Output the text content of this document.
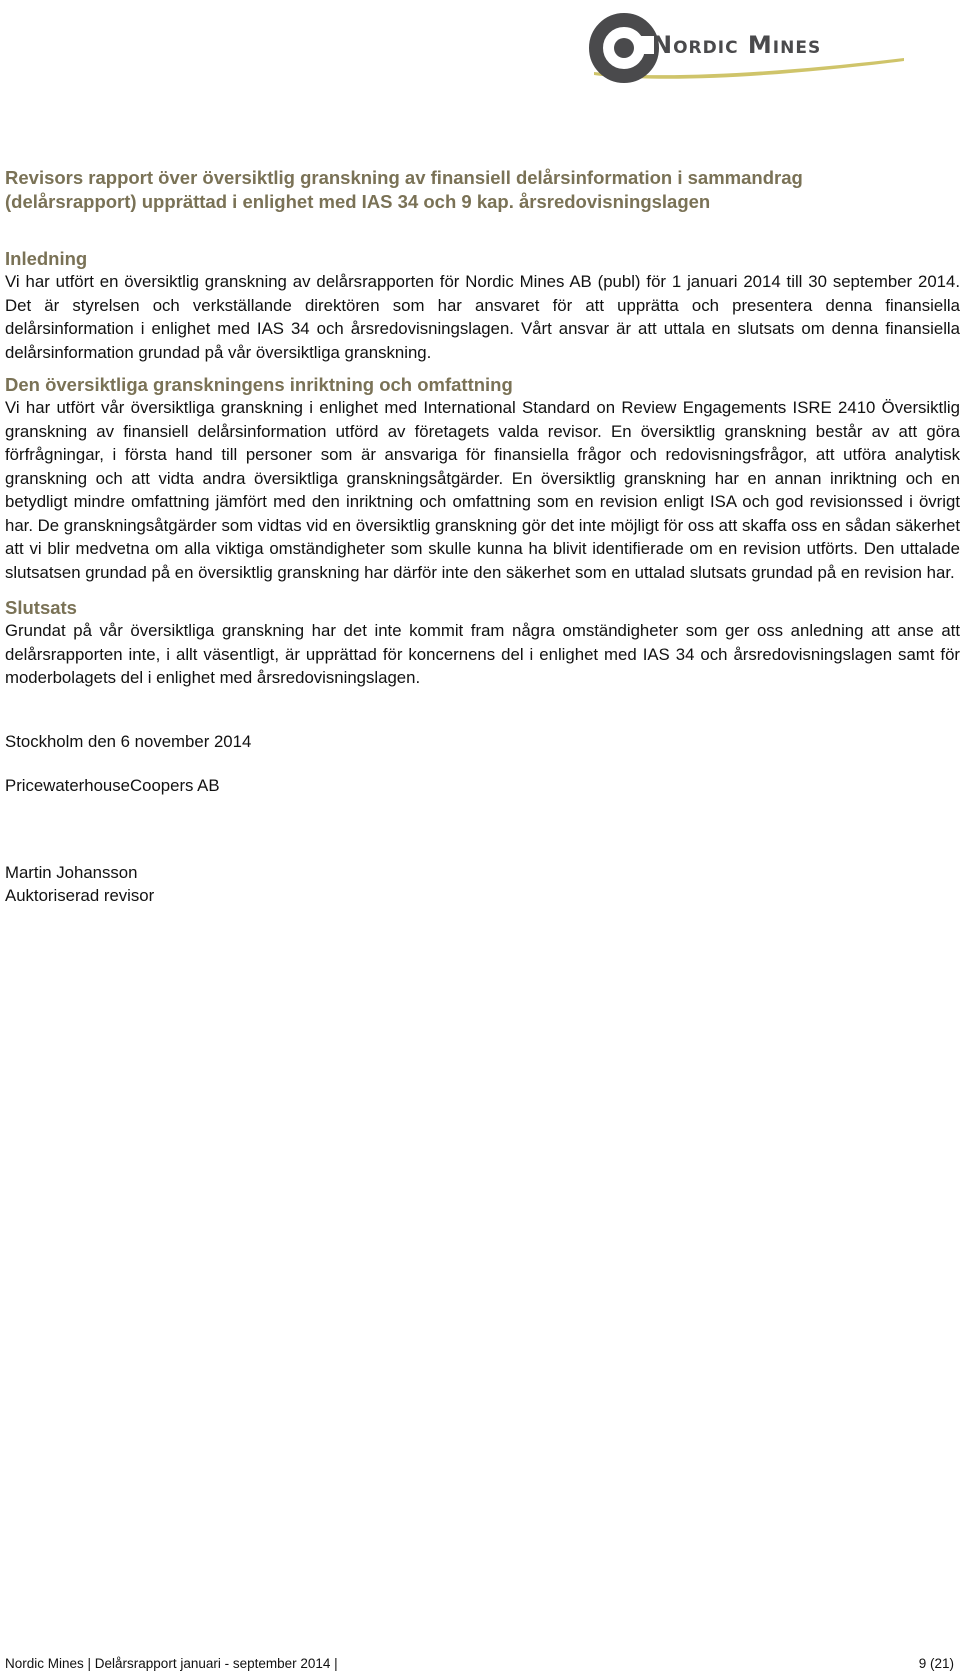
Nordic Mines

Revisors rapport över översiktlig granskning av finansiell delårsinformation i sammandrag
(delårsrapport) upprättad i enlighet med IAS 34 och 9 kap. årsredovisningslagen

Inledning

Vi har utfört en översiktlig granskning av delårsrapporten för Nordic Mines AB (publ) för 1 januari 2014 till 30 september 2014. Det är styrelsen och verkställande direktören som har ansvaret för att upprätta och presentera denna finansiella delårsinformation i enlighet med IAS 34 och årsredovisningslagen. Vårt ansvar är att uttala en slutsats om denna finansiella delårsinformation grundad på vår översiktliga granskning.

Den översiktliga granskningens inriktning och omfattning

Vi har utfört vår översiktliga granskning i enlighet med International Standard on Review Engagements ISRE 2410 Översiktlig granskning av finansiell delårsinformation utförd av företagets valda revisor. En översiktlig granskning består av att göra förfrågningar, i första hand till personer som är ansvariga för finansiella frågor och redovisningsfrågor, att utföra analytisk granskning och att vidta andra översiktliga granskningsåtgärder. En översiktlig granskning har en annan inriktning och en betydligt mindre omfattning jämfört med den inriktning och omfattning som en revision enligt ISA och god revisionssed i övrigt har. De granskningsåtgärder som vidtas vid en översiktlig granskning gör det inte möjligt för oss att skaffa oss en sådan säkerhet att vi blir medvetna om alla viktiga omständigheter som skulle kunna ha blivit identifierade om en revision utförts. Den uttalade slutsatsen grundad på en översiktlig granskning har därför inte den säkerhet som en uttalad slutsats grundad på en revision har.

Slutsats

Grundat på vår översiktliga granskning har det inte kommit fram några omständigheter som ger oss anledning att anse att delårsrapporten inte, i allt väsentligt, är upprättad för koncernens del i enlighet med IAS 34 och årsredovisningslagen samt för moderbolagets del i enlighet med årsredovisningslagen.

Stockholm den 6 november 2014

PricewaterhouseCoopers AB

Martin Johansson

Auktoriserad revisor

Nordic Mines | Delårsrapport januari - september 2014 |	9 (21)
